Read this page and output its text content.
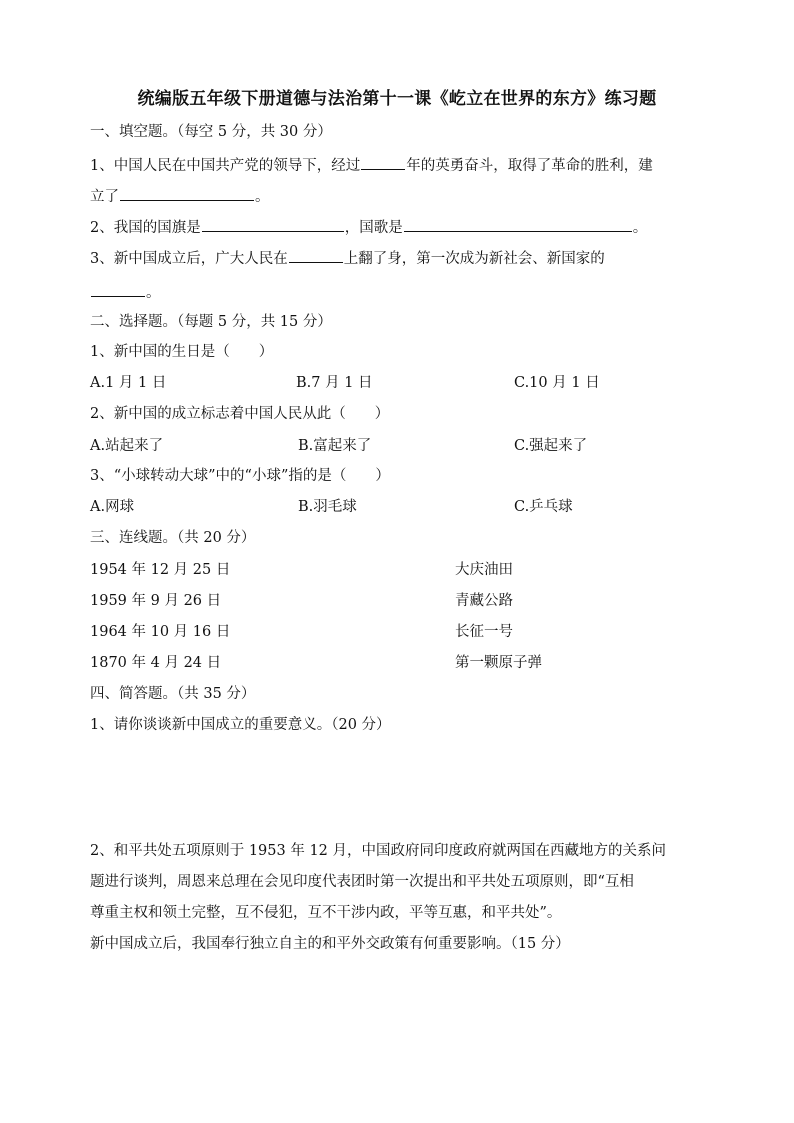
统编版五年级下册道德与法治第十一课《屹立在世界的东方》练习题
一、填空题。（每空 5 分，共 30 分）
1、中国人民在中国共产党的领导下，经过	年的英勇奋斗，取得了革命的胜利，建
立了	。
2、我国的国旗是	，国歌是	。
3、新中国成立后，广大人民在	上翻了身，第一次成为新社会、新国家的
。
二、选择题。（每题 5 分，共 15 分）
1、新中国的生日是（　　）
A.1 月 1 日	B.7 月 1 日	C.10 月 1 日
2、新中国的成立标志着中国人民从此（　　）
A.站起来了	B.富起来了	C.强起来了
3、“小球转动大球”中的“小球”指的是（　　）
A.网球	B.羽毛球	C.乒乓球
三、连线题。（共 20 分）
1954 年 12 月 25 日	大庆油田
1959 年 9 月 26 日	青藏公路
1964 年 10 月 16 日	长征一号
1870 年 4 月 24 日	第一颗原子弹
四、简答题。（共 35 分）
1、请你谈谈新中国成立的重要意义。（20 分）
2、和平共处五项原则于 1953 年 12 月，中国政府同印度政府就两国在西藏地方的关系问
题进行谈判，周恩来总理在会见印度代表团时第一次提出和平共处五项原则，即“互相
尊重主权和领土完整，互不侵犯，互不干涉内政，平等互惠，和平共处”。
新中国成立后，我国奉行独立自主的和平外交政策有何重要影响。（15 分）
